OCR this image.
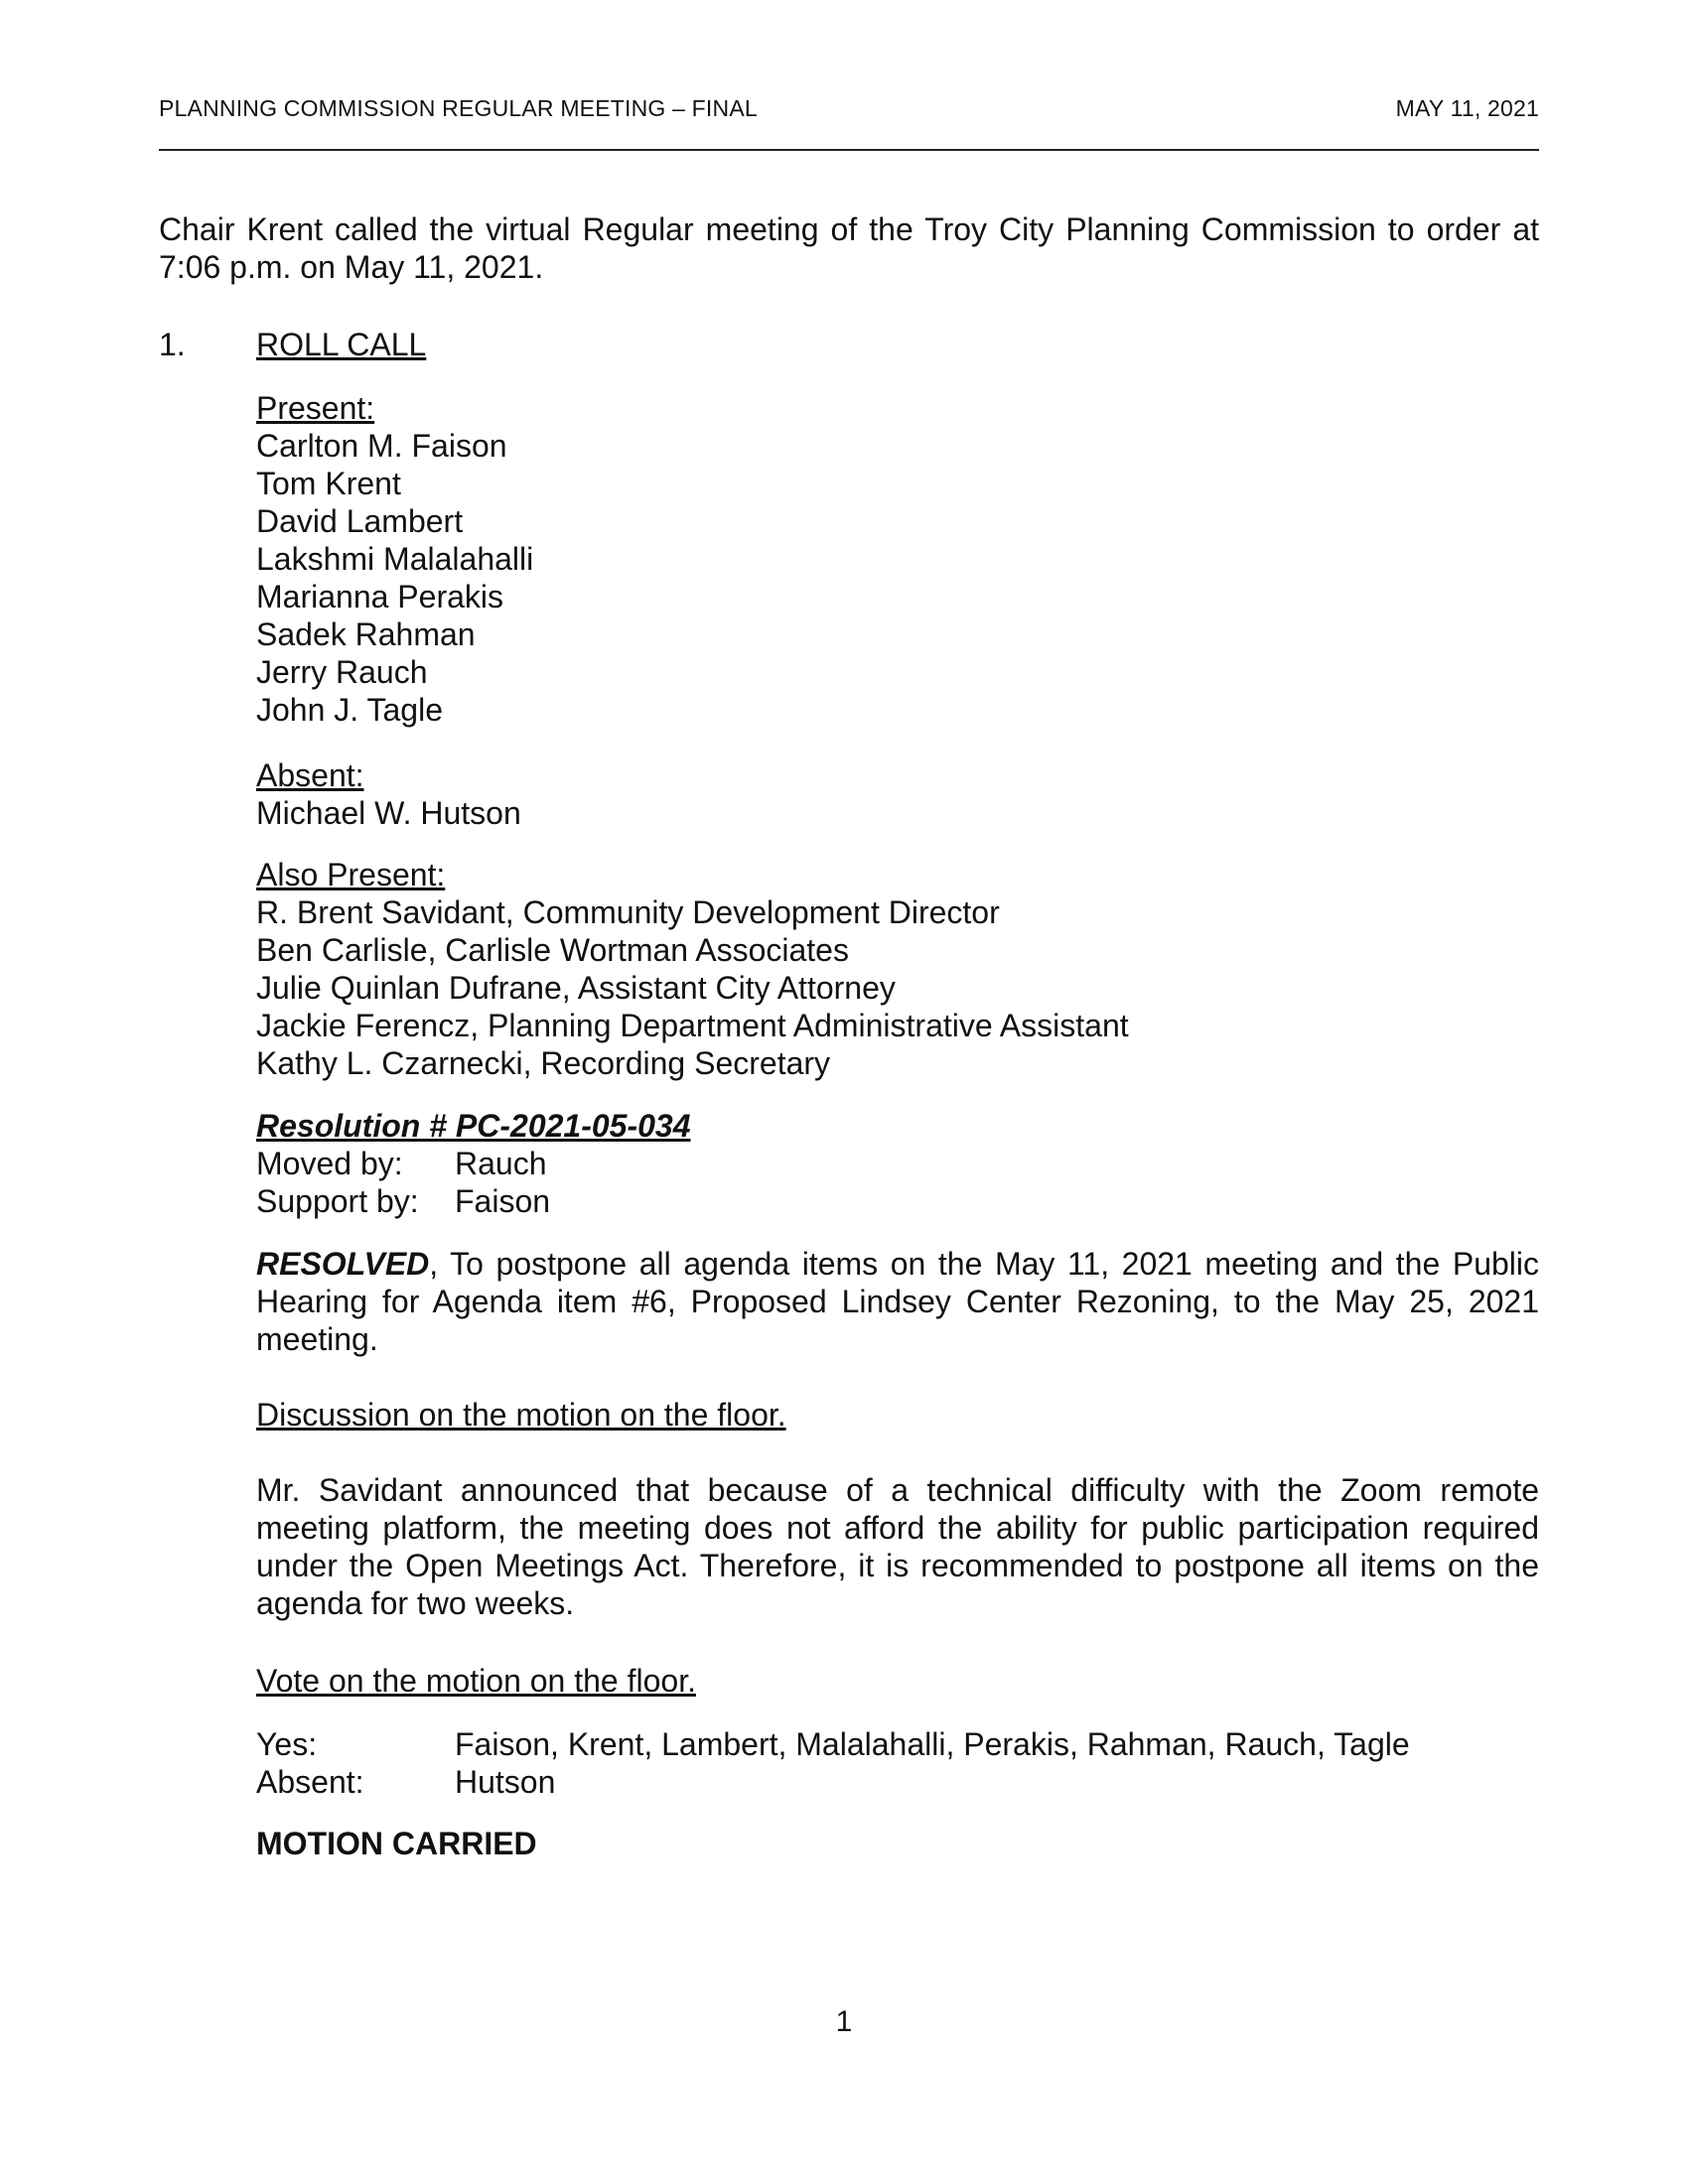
PLANNING COMMISSION REGULAR MEETING – FINAL	MAY 11, 2021

Chair Krent called the virtual Regular meeting of the Troy City Planning Commission to order at 7:06 p.m. on May 11, 2021.

1. ROLL CALL
Present:
Carlton M. Faison
Tom Krent
David Lambert
Lakshmi Malalahalli
Marianna Perakis
Sadek Rahman
Jerry Rauch
John J. Tagle
Absent:
Michael W. Hutson
Also Present:
R. Brent Savidant, Community Development Director
Ben Carlisle, Carlisle Wortman Associates
Julie Quinlan Dufrane, Assistant City Attorney
Jackie Ferencz, Planning Department Administrative Assistant
Kathy L. Czarnecki, Recording Secretary
Resolution # PC-2021-05-034
Moved by:	Rauch
Support by:	Faison

RESOLVED, To postpone all agenda items on the May 11, 2021 meeting and the Public Hearing for Agenda item #6, Proposed Lindsey Center Rezoning, to the May 25, 2021 meeting.

Discussion on the motion on the floor.

Mr. Savidant announced that because of a technical difficulty with the Zoom remote meeting platform, the meeting does not afford the ability for public participation required under the Open Meetings Act. Therefore, it is recommended to postpone all items on the agenda for two weeks.

Vote on the motion on the floor.
Yes:	Faison, Krent, Lambert, Malalahalli, Perakis, Rahman, Rauch, Tagle
Absent:	Hutson
MOTION CARRIED
1
